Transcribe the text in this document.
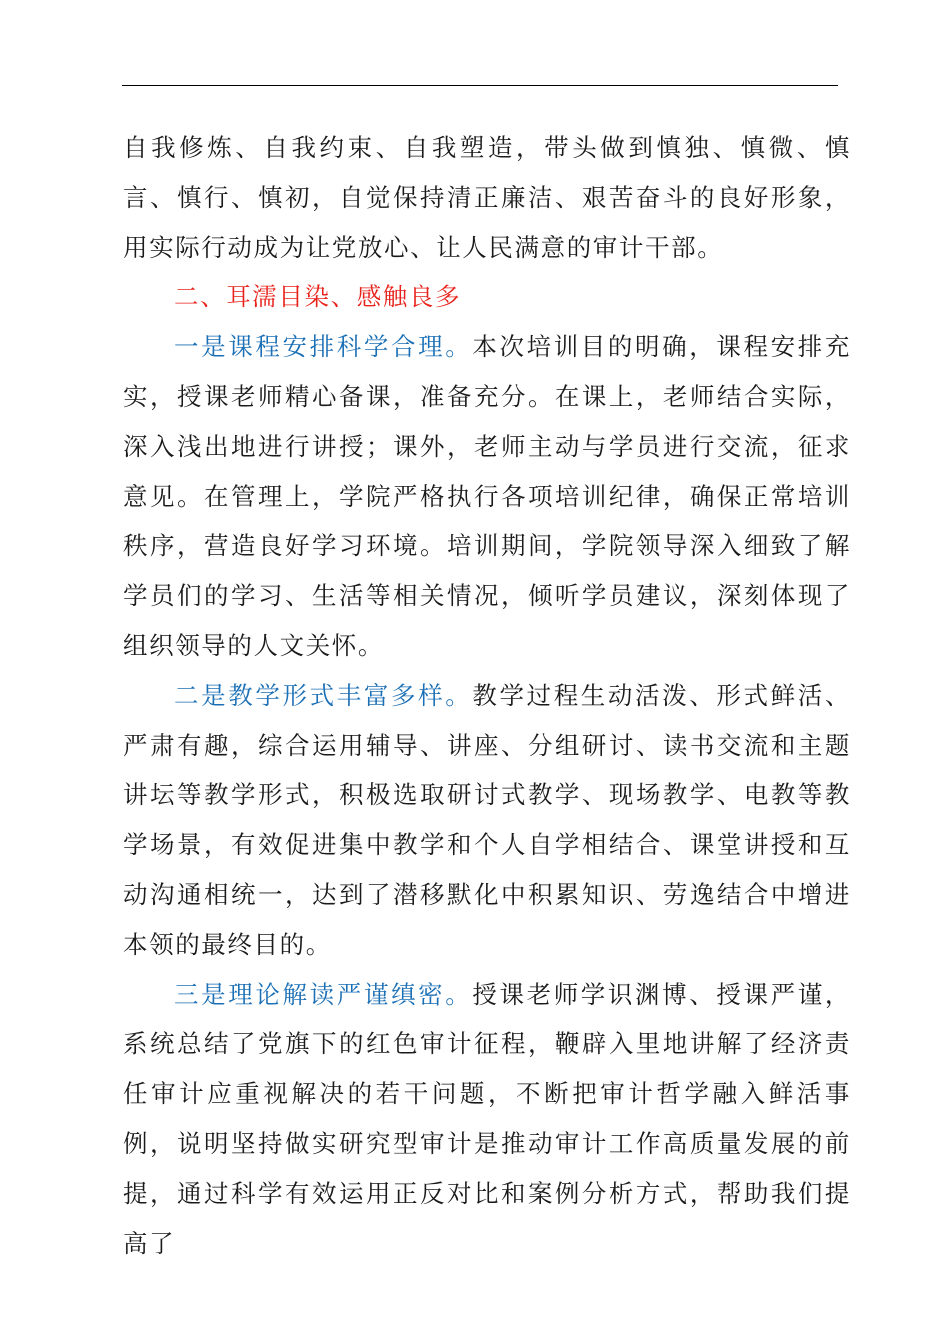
自我修炼、自我约束、自我塑造，带头做到慎独、慎微、慎言、慎行、慎初，自觉保持清正廉洁、艰苦奋斗的良好形象，用实际行动成为让党放心、让人民满意的审计干部。

二、耳濡目染、感触良多

一是课程安排科学合理。本次培训目的明确，课程安排充实，授课老师精心备课，准备充分。在课上，老师结合实际，深入浅出地进行讲授；课外，老师主动与学员进行交流，征求意见。在管理上，学院严格执行各项培训纪律，确保正常培训秩序，营造良好学习环境。培训期间，学院领导深入细致了解学员们的学习、生活等相关情况，倾听学员建议，深刻体现了组织领导的人文关怀。

二是教学形式丰富多样。教学过程生动活泼、形式鲜活、严肃有趣，综合运用辅导、讲座、分组研讨、读书交流和主题讲坛等教学形式，积极选取研讨式教学、现场教学、电教等教学场景，有效促进集中教学和个人自学相结合、课堂讲授和互动沟通相统一，达到了潜移默化中积累知识、劳逸结合中增进本领的最终目的。

三是理论解读严谨缜密。授课老师学识渊博、授课严谨，系统总结了党旗下的红色审计征程，鞭辟入里地讲解了经济责任审计应重视解决的若干问题，不断把审计哲学融入鲜活事例，说明坚持做实研究型审计是推动审计工作高质量发展的前提，通过科学有效运用正反对比和案例分析方式，帮助我们提高了
